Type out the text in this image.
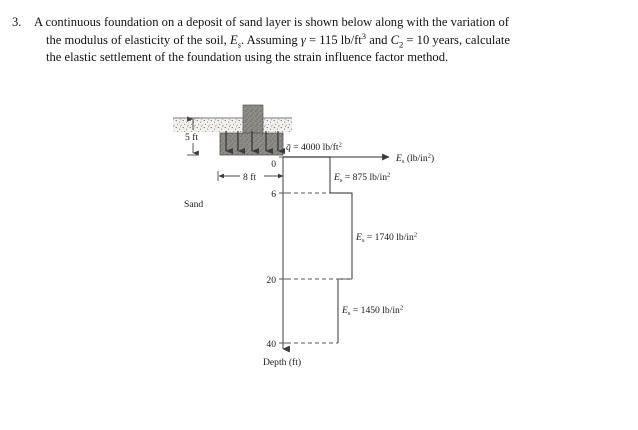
3. A continuous foundation on a deposit of sand layer is shown below along with the variation of
the modulus of elasticity of the soil, $E_s$. Assuming γ = 115 $lb/ft^3$ and $C_2 = 10$ years, calculate
the elastic settlement of the foundation using the strain influence factor method.
5 ft
q̄ = 4000 $lb/ft^2$
$E_s$ $(lb/in^2)$
0
6
20
40
Depth (ft)
$E_s = 875$ $lb/in^2$
$E_s = 1740$ $lb/in^2$
$E_s = 1450$ $lb/in^2$
8 ft
Sand
